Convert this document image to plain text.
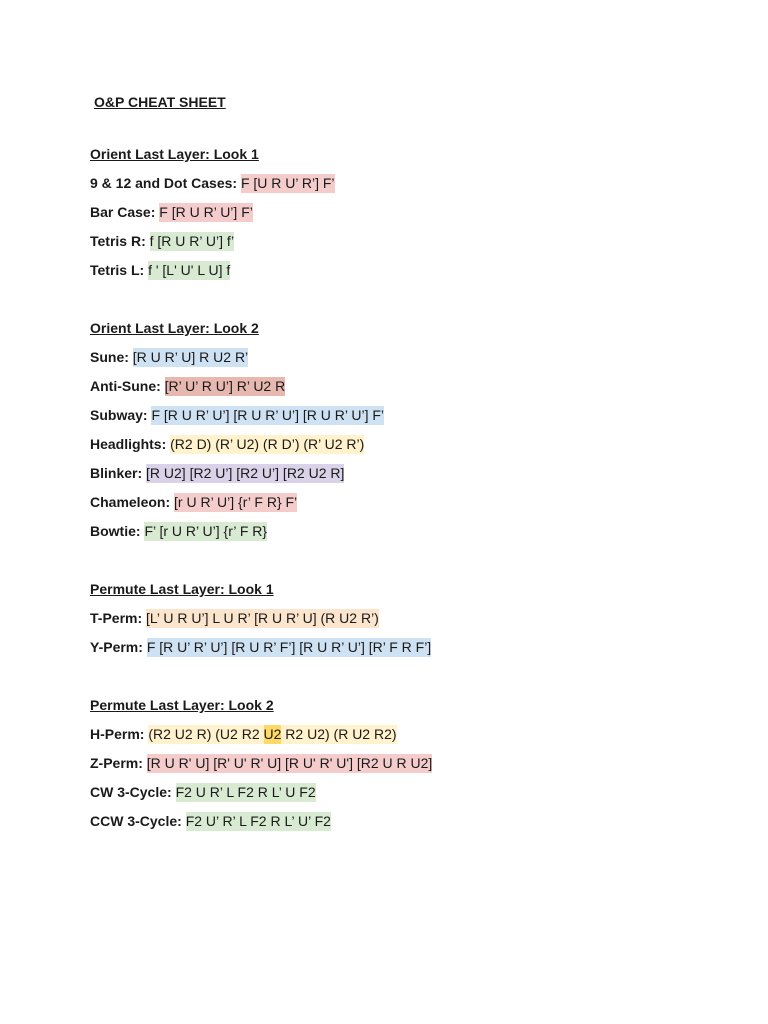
O&P CHEAT SHEET
Orient Last Layer: Look 1
9 & 12 and Dot Cases: F [U R U’ R’] F’
Bar Case: F [R U R’ U’] F’
Tetris R: f [R U R’ U’] f’
Tetris L: f ' [L' U' L U] f
Orient Last Layer: Look 2
Sune: [R U R’ U] R U2 R’
Anti-Sune: [R’ U’ R U’] R’ U2 R
Subway: F [R U R’ U’] [R U R’ U’] [R U R’ U’] F’
Headlights: (R2 D) (R’ U2) (R D’) (R’ U2 R’)
Blinker: [R U2] [R2 U’] [R2 U’] [R2 U2 R]
Chameleon: [r U R’ U’] {r’ F R} F’
Bowtie: F’ [r U R’ U’] {r’ F R}
Permute Last Layer: Look 1
T-Perm: [L’ U R U’] L U R’ [R U R’ U] (R U2 R’)
Y-Perm: F [R U’ R’ U’] [R U R’ F’] [R U R’ U’] [R’ F R F’]
Permute Last Layer: Look 2
H-Perm: (R2 U2 R) (U2 R2 U2 R2 U2) (R U2 R2)
Z-Perm: [R U R' U] [R' U' R' U] [R U' R' U'] [R2 U R U2]
CW 3-Cycle: F2 U R’ L F2 R L’ U F2
CCW 3-Cycle: F2 U’ R’ L F2 R L’ U’ F2
